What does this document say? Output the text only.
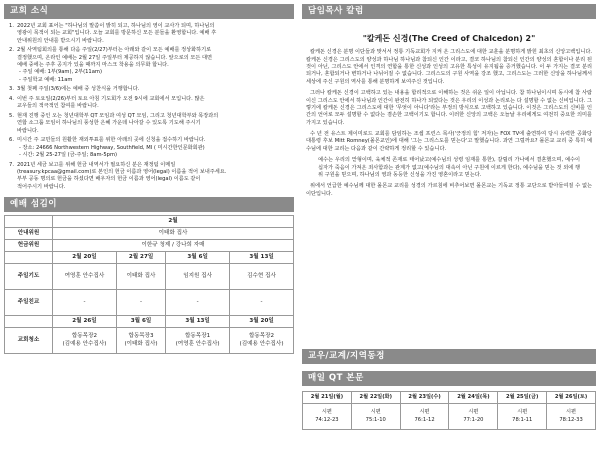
교회 소식
1. 2022년 교회 표어는 "하나님의 말씀이 밝히 되고, 하나님의 영이 교사가 되며, 하나님의
영광이 목적이 되는 교회"입니다. 오늘 교회를 방문하신 모든 분들을 환영합니다. 예배 후
안내위원의 안내를 받으시기 바랍니다.
2. 2월 사역팀회의를 통해 다음 주일(2/27)부터는 아래와 같이 모든 예배를 정상화하기로
결정했으며, 온라인 예배는 2월 27일 주일부터 제공하지 않습니다. 앞으로의 모든 대면
예배 중에는 주후 공지가 있을 때까지 마스크 착용을 의무화 합니다.
- 주일 예배: 1부(9am), 2부(11am)
- 주일학교 예배: 11am
3. 3월 첫째 주일(3/6)에는 예배 중 성찬식을 거행합니다.
4. 이번 주 토요일(2/26)부터 토요 아침 기도회가 오전 9시에 교회에서 모입니다. 많은
교우들의 적극적인 참여를 바랍니다.
5. 현재 진행 중인 오는 청년대학부 QT 모임과 여성 QT 모임, 그리고 청년대학부와 목장과의
연합 소그룹 모임이 하나님의 풍성한 은혜 가운데 나아갈 수 있도록 기도해 주시기
바랍니다.
6. 미시간 주 교민들의 원활한 재외투표를 위한 아래의 곳에 신청을 접수하기 바랍니다.
- 장소: 24666 Northwestern Highway, Southfield, MI ( 미시간한인문화회관)
- 시간: 2월 25-27일 (금-주일; 8am-5pm)
7. 2021년 세금 보고를 위해 헌금 내역서가 필요하신 분은 재정팀 이메일
(treasury.kpcaa@gmail.com)로 본인의 헌금 이름과 영어(legal) 이름을 적어 보내주세요.
부부 공동 명의로 헌금을 하셨다면 배우자의 헌금 이름과 영어(legal) 이름도 같이
적어주시기 바랍니다.
예배 섬김이
	2월			
안내위원	이태화 집사			
헌금위원	이한규 청제 / 강나희 자매			
	2월 20일	2월 27일	3월 6일	3월 13일
주일기도	여영훈 안수집사	이태화 집사	임지원 집사	김수현 집사
주일친교	-	-	-	-
	2월 26일	3월 6일	3월 13일	3월 20일
교회청소	합동목장2
(김예용 안수집사)	합동목장3
(이태화 집사)	합동목장1
(여영훈 안수집사)	합동목장2
(김예용 안수집사)
담임목사 칼럼
"칼케돈 신경(The Creed of Chalcedon) 2"

칼케돈 신경은 분명 이단들과 맞서서 정통 기독교회가 지켜 온 그리스도에 대한 교훈을 분명하게 밝힌 최초의 신앙고백입니다. 칼케돈 신경은 그리스도의 양성과 하나님 하나님과 참되신 인간 이라고, 결코 하나님의 참되신 인간의 양성의 혼합이나 분리 된 것이 아닌, 그리스도 안에서 인격의 연합을 통한 신성과 인성의 고유한 특성이 유지됨을 증거했습니다. 이 두 가지는 결코 분리되거나, 혼합되거나 변하거나 나뉘어질 수 없습니다. 그리스도의 구원 사역을 강조 했고, 그리스도는 그러한 신앙을 하나님께서 세상에 주신 구원의 역사를 통해 분명하게 보여주신 것입니다.

그러나 칼케돈 신경이 고백하고 있는 내용을 합리적으로 이해하는 것은 쉬운 일이 아닙니다. 참 하나님이시며 동시에 참 사람이신 그리스도 안에서 하나님과 인간이 완전히 하나가 되었다는 것은 우리의 이성과 논리로는 다 설명할 수 없는 신비입니다. 그렇기에 칼케돈 신경은 그리스도에 대한 '무엇이 아니다'라는 부정의 방식으로 고백하고 있습니다. 이것은 그리스도의 신비를 인간의 언어로 모두 설명할 수 없다는 겸손한 고백이기도 합니다. 이러한 신앙의 고백은 오늘날 우리에게도 여전히 중요한 의미를 가지고 있습니다.

수 년 전 유스트 제이미로드 교회를 담임하는 조셉 프린스 목사('긍정의 힘' 저자)는 FOX TV에 출연하여 당시 유력한 공화당 대통령 후보 Mitt Romney(몰몬교인)에 대해 '그는 그리스도를 믿는다'고 말했습니다. 과연 그럴까요? 몰몬교 교리 중 특히 예수님에 대한 교리는 다음과 같이 간략하게 정리할 수 있습니다.

예수는 우리의 맏형이며, 육체적 존재로 태어났고(예수님의 성령 임재를 통한), 갈릴리 가나에서 결혼했으며, 예수이 십자가 죽음이 가져온 죄사함과는 관계가 없고(예수님의 대속이 아닌 구원에 이르게 한다), 예수님을 믿는 것 외에 행위 구원을 믿으며, 하나님의 영과 동등한 신성을 가진 영혼이라고 믿는다.

위에서 언급한 예수님께 대한 몰몬교 교리를 성경의 가르침에 비추어보면 몰몬교는 기독교 정통 교단으로 받아들여질 수 없는 이단입니다.

교우/교계/지역동정
매일 QT 본문
2월 21일(월)	2월 22일(화)	2월 23일(수)	2월 24일(목)	2월 25일(금)	2월 26일(토)
시편
74:12-23	시편
75:1-10	시편
76:1-12	시편
77:1-20	시편
78:1-11	시편
78:12-33
